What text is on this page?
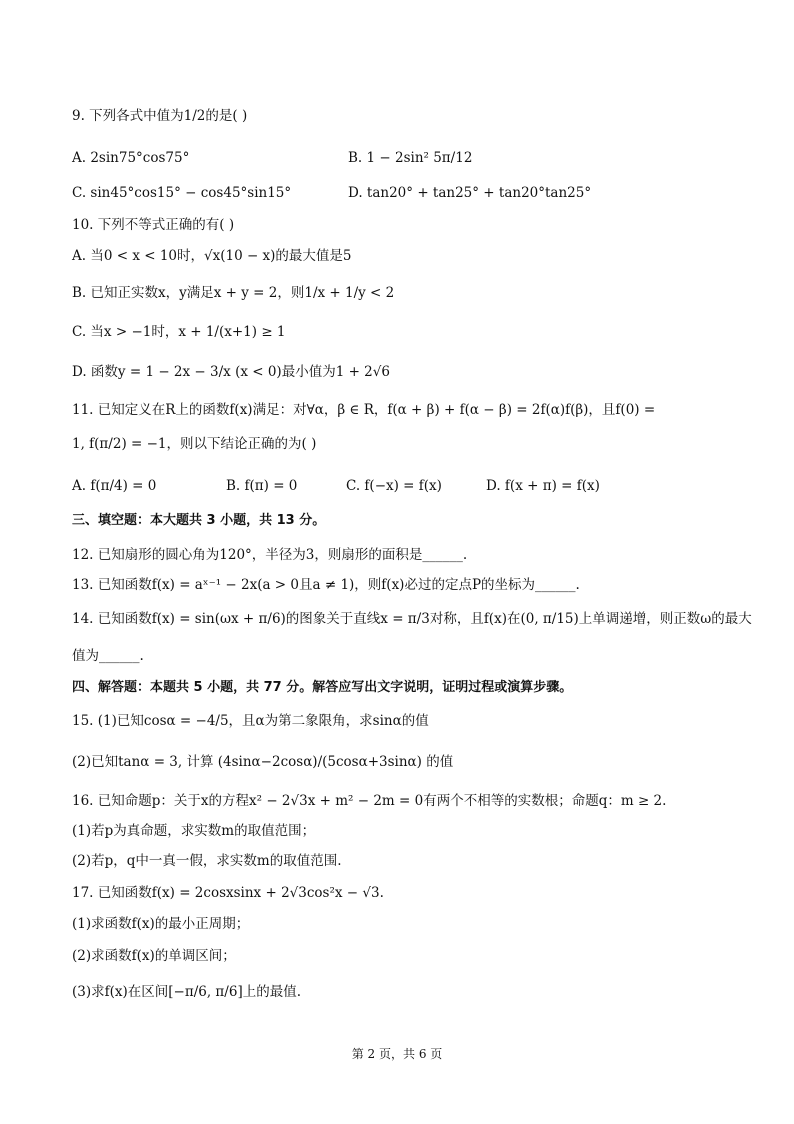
9. 下列各式中值为1/2的是( )
A. 2sin75°cos75°	B. 1 − 2sin² 5π/12
C. sin45°cos15° − cos45°sin15°	D. tan20° + tan25° + tan20°tan25°
10. 下列不等式正确的有( )
A. 当0 < x < 10时，√x(10 − x)的最大值是5
B. 已知正实数x，y满足x + y = 2，则1/x + 1/y < 2
C. 当x > −1时，x + 1/(x+1) ≥ 1
D. 函数y = 1 − 2x − 3/x (x < 0)最小值为1 + 2√6
11. 已知定义在R上的函数f(x)满足：对∀α，β ∈ R，f(α + β) + f(α − β) = 2f(α)f(β)，且f(0) =
1, f(π/2) = −1，则以下结论正确的为( )
A. f(π/4) = 0	B. f(π) = 0	C. f(−x) = f(x)	D. f(x + π) = f(x)
三、填空题：本大题共 3 小题，共 13 分。
12. 已知扇形的圆心角为120°，半径为3，则扇形的面积是______.
13. 已知函数f(x) = aˣ⁻¹ − 2x(a > 0且a ≠ 1)，则f(x)必过的定点P的坐标为______.
14. 已知函数f(x) = sin(ωx + π/6)的图象关于直线x = π/3对称，且f(x)在(0, π/15)上单调递增，则正数ω的最大
值为______.
四、解答题：本题共 5 小题，共 77 分。解答应写出文字说明，证明过程或演算步骤。
15. (1)已知cosα = −4/5，且α为第二象限角，求sinα的值
(2)已知tanα = 3, 计算 (4sinα−2cosα)/(5cosα+3sinα) 的值
16. 已知命题p：关于x的方程x² − 2√3x + m² − 2m = 0有两个不相等的实数根；命题q：m ≥ 2.
(1)若p为真命题，求实数m的取值范围；
(2)若p，q中一真一假，求实数m的取值范围.
17. 已知函数f(x) = 2cosxsinx + 2√3cos²x − √3.
(1)求函数f(x)的最小正周期；
(2)求函数f(x)的单调区间；
(3)求f(x)在区间[−π/6, π/6]上的最值.
第 2 页，共 6 页
